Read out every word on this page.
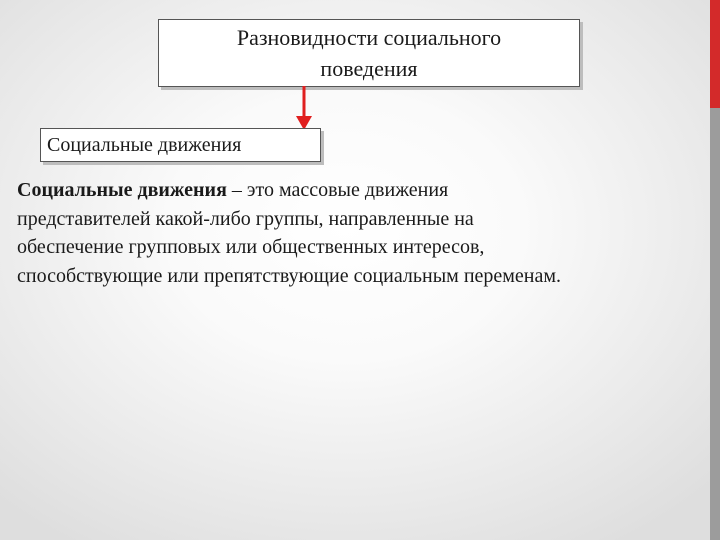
Разновидности социального
поведения
Социальные движения

Социальные движения – это массовые движения
представителей какой-либо группы, направленные на
обеспечение групповых или общественных интересов,
способствующие или препятствующие социальным переменам.
